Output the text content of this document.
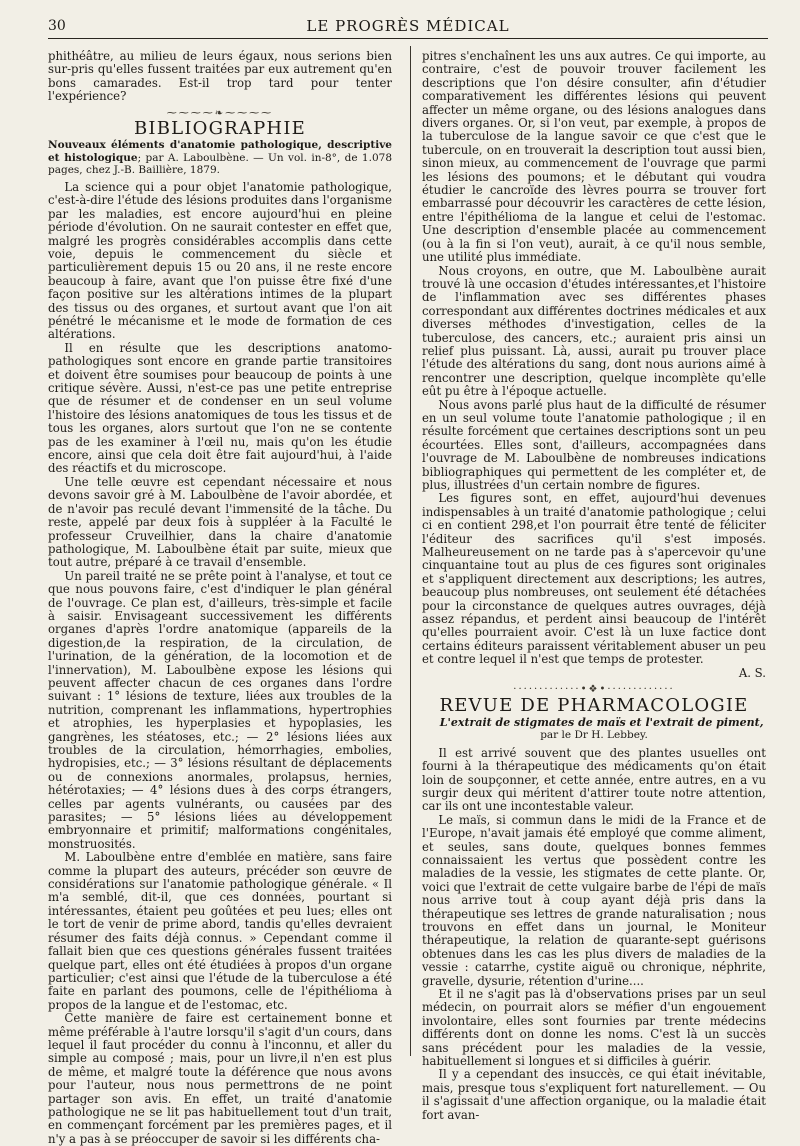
30	LE PROGRÈS MÉDICAL

phithéâtre, au milieu de leurs égaux, nous serions bien sur-pris qu'elles fussent traitées par eux autrement qu'en bons camarades. Est-il trop tard pour tenter l'expérience?

⁓⁓⁓⁓❧⁓⁓⁓⁓
BIBLIOGRAPHIE

Nouveaux éléments d'anatomie pathologique, descriptive et histologique; par A. Laboulbène. — Un vol. in-8°, de 1.078 pages, chez J.-B. Baillière, 1879.

La science qui a pour objet l'anatomie pathologique, c'est-à-dire l'étude des lésions produites dans l'organisme par les maladies, est encore aujourd'hui en pleine période d'évolution. On ne saurait contester en effet que, malgré les progrès considérables accomplis dans cette voie, depuis le commencement du siècle et particulièrement depuis 15 ou 20 ans, il ne reste encore beaucoup à faire, avant que l'on puisse être fixé d'une façon positive sur les altérations intimes de la plupart des tissus ou des organes, et surtout avant que l'on ait pénétré le mécanisme et le mode de formation de ces altérations.

Il en résulte que les descriptions anatomo-pathologiques sont encore en grande partie transitoires et doivent être soumises pour beaucoup de points à une critique sévère. Aussi, n'est-ce pas une petite entreprise que de résumer et de condenser en un seul volume l'histoire des lésions anatomiques de tous les tissus et de tous les organes, alors surtout que l'on ne se contente pas de les examiner à l'œil nu, mais qu'on les étudie encore, ainsi que cela doit être fait aujourd'hui, à l'aide des réactifs et du microscope.

Une telle œuvre est cependant nécessaire et nous devons savoir gré à M. Laboulbène de l'avoir abordée, et de n'avoir pas reculé devant l'immensité de la tâche. Du reste, appelé par deux fois à suppléer à la Faculté le professeur Cruveilhier, dans la chaire d'anatomie pathologique, M. Laboulbène était par suite, mieux que tout autre, préparé à ce travail d'ensemble.

Un pareil traité ne se prête point à l'analyse, et tout ce que nous pouvons faire, c'est d'indiquer le plan général de l'ouvrage. Ce plan est, d'ailleurs, très-simple et facile à saisir. Envisageant successivement les différents organes d'après l'ordre anatomique (appareils de la digestion,de la respiration, de la circulation, de l'urination, de la génération, de la locomotion et de l'innervation), M. Laboulbène expose les lésions qui peuvent affecter chacun de ces organes dans l'ordre suivant : 1° lésions de texture, liées aux troubles de la nutrition, comprenant les inflammations, hypertrophies et atrophies, les hyperplasies et hypoplasies, les gangrènes, les stéatoses, etc.; — 2° lésions liées aux troubles de la circulation, hémorrhagies, embolies, hydropisies, etc.; — 3° lésions résultant de déplacements ou de connexions anormales, prolapsus, hernies, hétérotaxies; — 4° lésions dues à des corps étrangers, celles par agents vulnérants, ou causées par des parasites; — 5° lésions liées au développement embryonnaire et primitif; malformations congénitales, monstruosités.

M. Laboulbène entre d'emblée en matière, sans faire comme la plupart des auteurs, précéder son œuvre de considérations sur l'anatomie pathologique générale. « Il m'a semblé, dit-il, que ces données, pourtant si intéressantes, étaient peu goûtées et peu lues; elles ont le tort de venir de prime abord, tandis qu'elles devraient résumer des faits déjà connus. » Cependant comme il fallait bien que ces questions générales fussent traitées quelque part, elles ont été étudiées à propos d'un organe particulier; c'est ainsi que l'étude de la tuberculose a été faite en parlant des poumons, celle de l'épithélioma à propos de la langue et de l'estomac, etc.

Cette manière de faire est certainement bonne et même préférable à l'autre lorsqu'il s'agit d'un cours, dans lequel il faut procéder du connu à l'inconnu, et aller du simple au composé ; mais, pour un livre,il n'en est plus de même, et malgré toute la déférence que nous avons pour l'auteur, nous nous permettrons de ne point partager son avis. En effet, un traité d'anatomie pathologique ne se lit pas habituellement tout d'un trait, en commençant forcément par les premières pages, et il n'y a pas à se préoccuper de savoir si les différents cha-

pitres s'enchaînent les uns aux autres. Ce qui importe, au contraire, c'est de pouvoir trouver facilement les descriptions que l'on désire consulter, afin d'étudier comparativement les différentes lésions qui peuvent affecter un même organe, ou des lésions analogues dans divers organes. Or, si l'on veut, par exemple, à propos de la tuberculose de la langue savoir ce que c'est que le tubercule, on en trouverait la description tout aussi bien, sinon mieux, au commencement de l'ouvrage que parmi les lésions des poumons; et le débutant qui voudra étudier le cancroïde des lèvres pourra se trouver fort embarrassé pour découvrir les caractères de cette lésion, entre l'épithélioma de la langue et celui de l'estomac. Une description d'ensemble placée au commencement (ou à la fin si l'on veut), aurait, à ce qu'il nous semble, une utilité plus immédiate.

Nous croyons, en outre, que M. Laboulbène aurait trouvé là une occasion d'études intéressantes,et l'histoire de l'inflammation avec ses différentes phases correspondant aux différentes doctrines médicales et aux diverses méthodes d'investigation, celles de la tuberculose, des cancers, etc.; auraient pris ainsi un relief plus puissant. Là, aussi, aurait pu trouver place l'étude des altérations du sang, dont nous aurions aimé à rencontrer une description, quelque incomplète qu'elle eût pu être à l'époque actuelle.

Nous avons parlé plus haut de la difficulté de résumer en un seul volume toute l'anatomie pathologique ; il en résulte forcément que certaines descriptions sont un peu écourtées. Elles sont, d'ailleurs, accompagnées dans l'ouvrage de M. Laboulbène de nombreuses indications bibliographiques qui permettent de les compléter et, de plus, illustrées d'un certain nombre de figures.

Les figures sont, en effet, aujourd'hui devenues indispensables à un traité d'anatomie pathologique ; celui ci en contient 298,et l'on pourrait être tenté de féliciter l'éditeur des sacrifices qu'il s'est imposés. Malheureusement on ne tarde pas à s'apercevoir qu'une cinquantaine tout au plus de ces figures sont originales et s'appliquent directement aux descriptions; les autres, beaucoup plus nombreuses, ont seulement été détachées pour la circonstance de quelques autres ouvrages, déjà assez répandus, et perdent ainsi beaucoup de l'intérêt qu'elles pourraient avoir. C'est là un luxe factice dont certains éditeurs paraissent véritablement abuser un peu et contre lequel il n'est que temps de protester.

A. S.
·············•❖•·············
REVUE DE PHARMACOLOGIE

L'extrait de stigmates de maïs et l'extrait de piment,

par le Dr H. Lebbey.

Il est arrivé souvent que des plantes usuelles ont fourni à la thérapeutique des médicaments qu'on était loin de soupçonner, et cette année, entre autres, en a vu surgir deux qui méritent d'attirer toute notre attention, car ils ont une incontestable valeur.

Le maïs, si commun dans le midi de la France et de l'Europe, n'avait jamais été employé que comme aliment, et seules, sans doute, quelques bonnes femmes connaissaient les vertus que possèdent contre les maladies de la vessie, les stigmates de cette plante. Or, voici que l'extrait de cette vulgaire barbe de l'épi de maïs nous arrive tout à coup ayant déjà pris dans la thérapeutique ses lettres de grande naturalisation ; nous trouvons en effet dans un journal, le Moniteur thérapeutique, la relation de quarante-sept guérisons obtenues dans les cas les plus divers de maladies de la vessie : catarrhe, cystite aiguë ou chronique, néphrite, gravelle, dysurie, rétention d'urine....

Et il ne s'agit pas là d'observations prises par un seul médecin, on pourrait alors se méfier d'un engouement involontaire, elles sont fournies par trente médecins différents dont on donne les noms. C'est là un succès sans précédent pour les maladies de la vessie, habituellement si longues et si difficiles à guérir.

Il y a cependant des insuccès, ce qui était inévitable, mais, presque tous s'expliquent fort naturellement. — Ou il s'agissait d'une affection organique, ou la maladie était fort avan-
